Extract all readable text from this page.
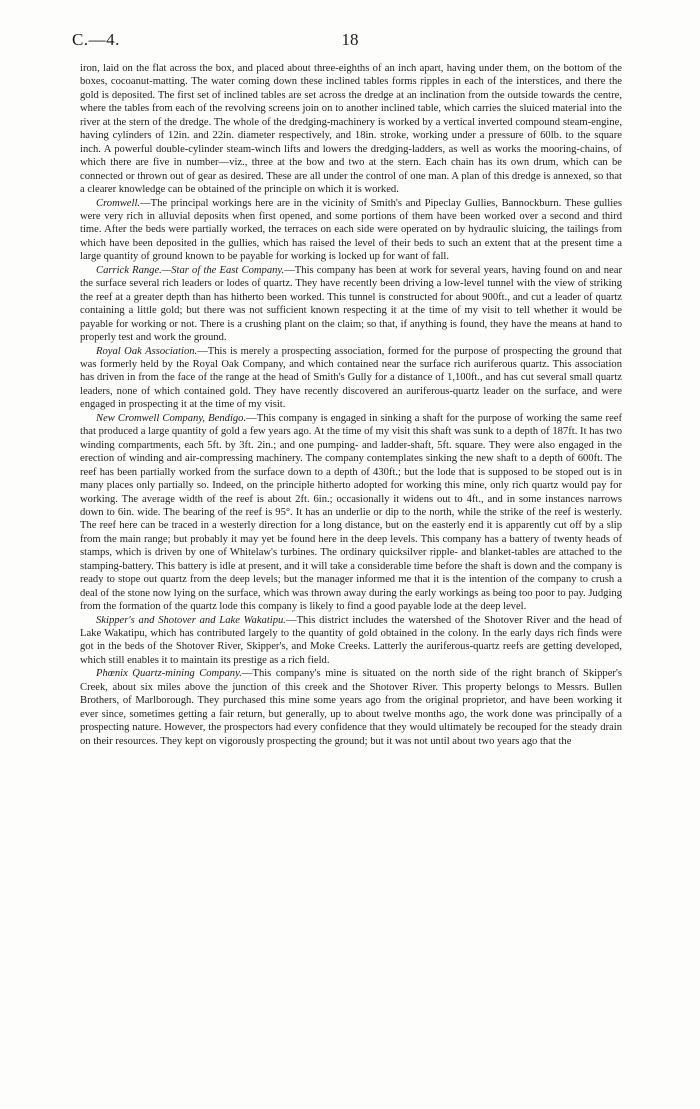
C.—4.	18

iron, laid on the flat across the box, and placed about three-eighths of an inch apart, having under them, on the bottom of the boxes, cocoanut-matting. The water coming down these inclined tables forms ripples in each of the interstices, and there the gold is deposited. The first set of inclined tables are set across the dredge at an inclination from the outside towards the centre, where the tables from each of the revolving screens join on to another inclined table, which carries the sluiced material into the river at the stern of the dredge. The whole of the dredging-machinery is worked by a vertical inverted compound steam-engine, having cylinders of 12in. and 22in. diameter respectively, and 18in. stroke, working under a pressure of 60lb. to the square inch. A powerful double-cylinder steam-winch lifts and lowers the dredging-ladders, as well as works the mooring-chains, of which there are five in number—viz., three at the bow and two at the stern. Each chain has its own drum, which can be connected or thrown out of gear as desired. These are all under the control of one man. A plan of this dredge is annexed, so that a clearer knowledge can be obtained of the principle on which it is worked.

Cromwell.—The principal workings here are in the vicinity of Smith's and Pipeclay Gullies, Bannockburn. These gullies were very rich in alluvial deposits when first opened, and some portions of them have been worked over a second and third time. After the beds were partially worked, the terraces on each side were operated on by hydraulic sluicing, the tailings from which have been deposited in the gullies, which has raised the level of their beds to such an extent that at the present time a large quantity of ground known to be payable for working is locked up for want of fall.

Carrick Range.—Star of the East Company.—This company has been at work for several years, having found on and near the surface several rich leaders or lodes of quartz. They have recently been driving a low-level tunnel with the view of striking the reef at a greater depth than has hitherto been worked. This tunnel is constructed for about 900ft., and cut a leader of quartz containing a little gold; but there was not sufficient known respecting it at the time of my visit to tell whether it would be payable for working or not. There is a crushing plant on the claim; so that, if anything is found, they have the means at hand to properly test and work the ground.

Royal Oak Association.—This is merely a prospecting association, formed for the purpose of prospecting the ground that was formerly held by the Royal Oak Company, and which contained near the surface rich auriferous quartz. This association has driven in from the face of the range at the head of Smith's Gully for a distance of 1,100ft., and has cut several small quartz leaders, none of which contained gold. They have recently discovered an auriferous-quartz leader on the surface, and were engaged in prospecting it at the time of my visit.

New Cromwell Company, Bendigo.—This company is engaged in sinking a shaft for the purpose of working the same reef that produced a large quantity of gold a few years ago. At the time of my visit this shaft was sunk to a depth of 187ft. It has two winding compartments, each 5ft. by 3ft. 2in.; and one pumping- and ladder-shaft, 5ft. square. They were also engaged in the erection of winding and air-compressing machinery. The company contemplates sinking the new shaft to a depth of 600ft. The reef has been partially worked from the surface down to a depth of 430ft.; but the lode that is supposed to be stoped out is in many places only partially so. Indeed, on the principle hitherto adopted for working this mine, only rich quartz would pay for working. The average width of the reef is about 2ft. 6in.; occasionally it widens out to 4ft., and in some instances narrows down to 6in. wide. The bearing of the reef is 95°. It has an underlie or dip to the north, while the strike of the reef is westerly. The reef here can be traced in a westerly direction for a long distance, but on the easterly end it is apparently cut off by a slip from the main range; but probably it may yet be found here in the deep levels. This company has a battery of twenty heads of stamps, which is driven by one of Whitelaw's turbines. The ordinary quicksilver ripple- and blanket-tables are attached to the stamping-battery. This battery is idle at present, and it will take a considerable time before the shaft is down and the company is ready to stope out quartz from the deep levels; but the manager informed me that it is the intention of the company to crush a deal of the stone now lying on the surface, which was thrown away during the early workings as being too poor to pay. Judging from the formation of the quartz lode this company is likely to find a good payable lode at the deep level.

Skipper's and Shotover and Lake Wakatipu.—This district includes the watershed of the Shotover River and the head of Lake Wakatipu, which has contributed largely to the quantity of gold obtained in the colony. In the early days rich finds were got in the beds of the Shotover River, Skipper's, and Moke Creeks. Latterly the auriferous-quartz reefs are getting developed, which still enables it to maintain its prestige as a rich field.

Phœnix Quartz-mining Company.—This company's mine is situated on the north side of the right branch of Skipper's Creek, about six miles above the junction of this creek and the Shotover River. This property belongs to Messrs. Bullen Brothers, of Marlborough. They purchased this mine some years ago from the original proprietor, and have been working it ever since, sometimes getting a fair return, but generally, up to about twelve months ago, the work done was principally of a prospecting nature. However, the prospectors had every confidence that they would ultimately be recouped for the steady drain on their resources. They kept on vigorously prospecting the ground; but it was not until about two years ago that the
